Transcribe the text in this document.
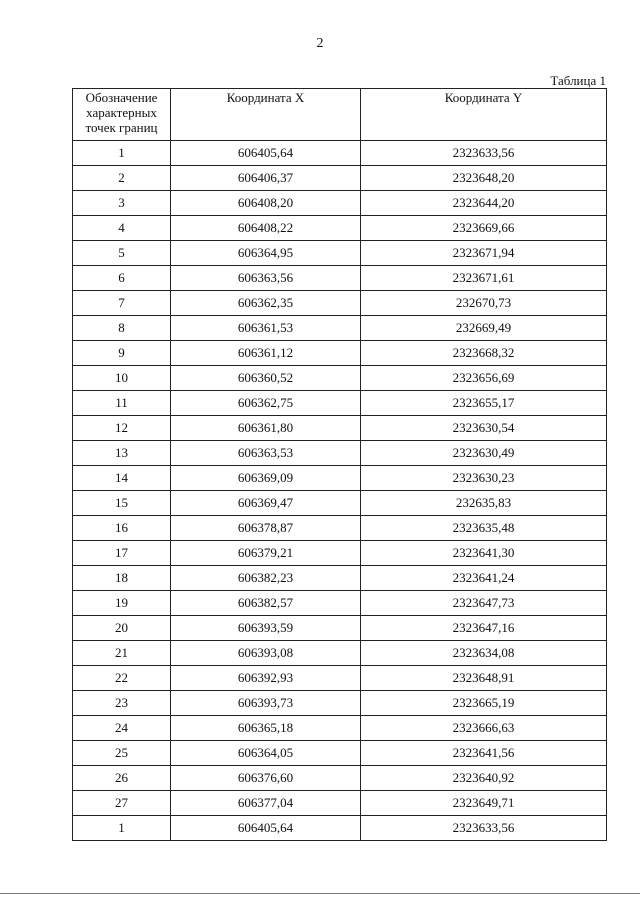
2
Таблица 1
Обозначение характерных точек границ	Координата X	Координата Y
1	606405,64	2323633,56
2	606406,37	2323648,20
3	606408,20	2323644,20
4	606408,22	2323669,66
5	606364,95	2323671,94
6	606363,56	2323671,61
7	606362,35	232670,73
8	606361,53	232669,49
9	606361,12	2323668,32
10	606360,52	2323656,69
11	606362,75	2323655,17
12	606361,80	2323630,54
13	606363,53	2323630,49
14	606369,09	2323630,23
15	606369,47	232635,83
16	606378,87	2323635,48
17	606379,21	2323641,30
18	606382,23	2323641,24
19	606382,57	2323647,73
20	606393,59	2323647,16
21	606393,08	2323634,08
22	606392,93	2323648,91
23	606393,73	2323665,19
24	606365,18	2323666,63
25	606364,05	2323641,56
26	606376,60	2323640,92
27	606377,04	2323649,71
1	606405,64	2323633,56
